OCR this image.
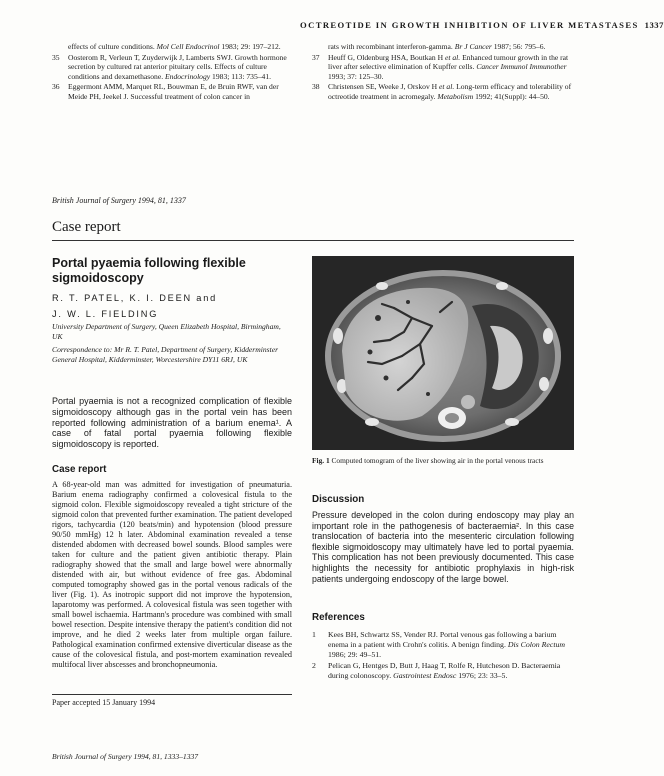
OCTREOTIDE IN GROWTH INHIBITION OF LIVER METASTASES 1337
effects of culture conditions. Mol Cell Endocrinol 1983; 29: 197–212.
35 Oosterom R, Verleun T, Zuyderwijk J, Lamberts SWJ. Growth hormone secretion by cultured rat anterior pituitary cells. Effects of culture conditions and dexamethasone. Endocrinology 1983; 113: 735–41.
36 Eggermont AMM, Marquet RL, Bouwman E, de Bruin RWF, van der Meide PH, Jeekel J. Successful treatment of colon cancer in
rats with recombinant interferon-gamma. Br J Cancer 1987; 56: 795–6.
37 Heuff G, Oldenburg HSA, Boutkan H et al. Enhanced tumour growth in the rat liver after selective elimination of Kupffer cells. Cancer Immunol Immunother 1993; 37: 125–30.
38 Christensen SE, Weeke J, Orskov H et al. Long-term efficacy and tolerability of octreotide treatment in acromegaly. Metabolism 1992; 41(Suppl): 44–50.
British Journal of Surgery 1994, 81, 1337
Case report
Portal pyaemia following flexible
sigmoidoscopy
R. T. PATEL, K. I. DEEN and
J. W. L. FIELDING
University Department of Surgery, Queen Elizabeth Hospital, Birmingham, UK
Correspondence to: Mr R. T. Patel, Department of Surgery, Kidderminster General Hospital, Kidderminster, Worcestershire DY11 6RJ, UK
Portal pyaemia is not a recognized complication of flexible sigmoidoscopy although gas in the portal vein has been reported following administration of a barium enema¹. A case of fatal portal pyaemia following flexible sigmoidoscopy is reported.
Case report
A 68-year-old man was admitted for investigation of pneumaturia. Barium enema radiography confirmed a colovesical fistula to the sigmoid colon. Flexible sigmoidoscopy revealed a tight stricture of the sigmoid colon that prevented further examination. The patient developed rigors, tachycardia (120 beats/min) and hypotension (blood pressure 90/50 mmHg) 12 h later. Abdominal examination revealed a tense distended abdomen with decreased bowel sounds. Blood samples were taken for culture and the patient given antibiotic therapy. Plain radiography showed that the small and large bowel were abnormally distended with air, but without evidence of free gas. Abdominal computed tomography showed gas in the portal venous radicals of the liver (Fig. 1). As inotropic support did not improve the hypotension, laparotomy was performed. A colovesical fistula was seen together with small bowel ischaemia. Hartmann's procedure was combined with small bowel resection. Despite intensive therapy the patient's condition did not improve, and he died 2 weeks later from multiple organ failure. Pathological examination confirmed extensive diverticular disease as the cause of the colovesical fistula, and post-mortem examination revealed multifocal liver abscesses and bronchopneumonia.
Paper accepted 15 January 1994
British Journal of Surgery 1994, 81, 1333–1337
Fig. 1 Computed tomogram of the liver showing air in the portal venous tracts
Discussion
Pressure developed in the colon during endoscopy may play an important role in the pathogenesis of bacteraemia². In this case translocation of bacteria into the mesenteric circulation following flexible sigmoidoscopy may ultimately have led to portal pyaemia. This complication has not been previously documented. This case highlights the necessity for antibiotic prophylaxis in high-risk patients undergoing endoscopy of the large bowel.
References
1 Kees BH, Schwartz SS, Vender RJ. Portal venous gas following a barium enema in a patient with Crohn's colitis. A benign finding. Dis Colon Rectum 1986; 29: 49–51.
2 Pelican G, Hentges D, Butt J, Haag T, Rolfe R, Hutcheson D. Bacteraemia during colonoscopy. Gastrointest Endosc 1976; 23: 33–5.
